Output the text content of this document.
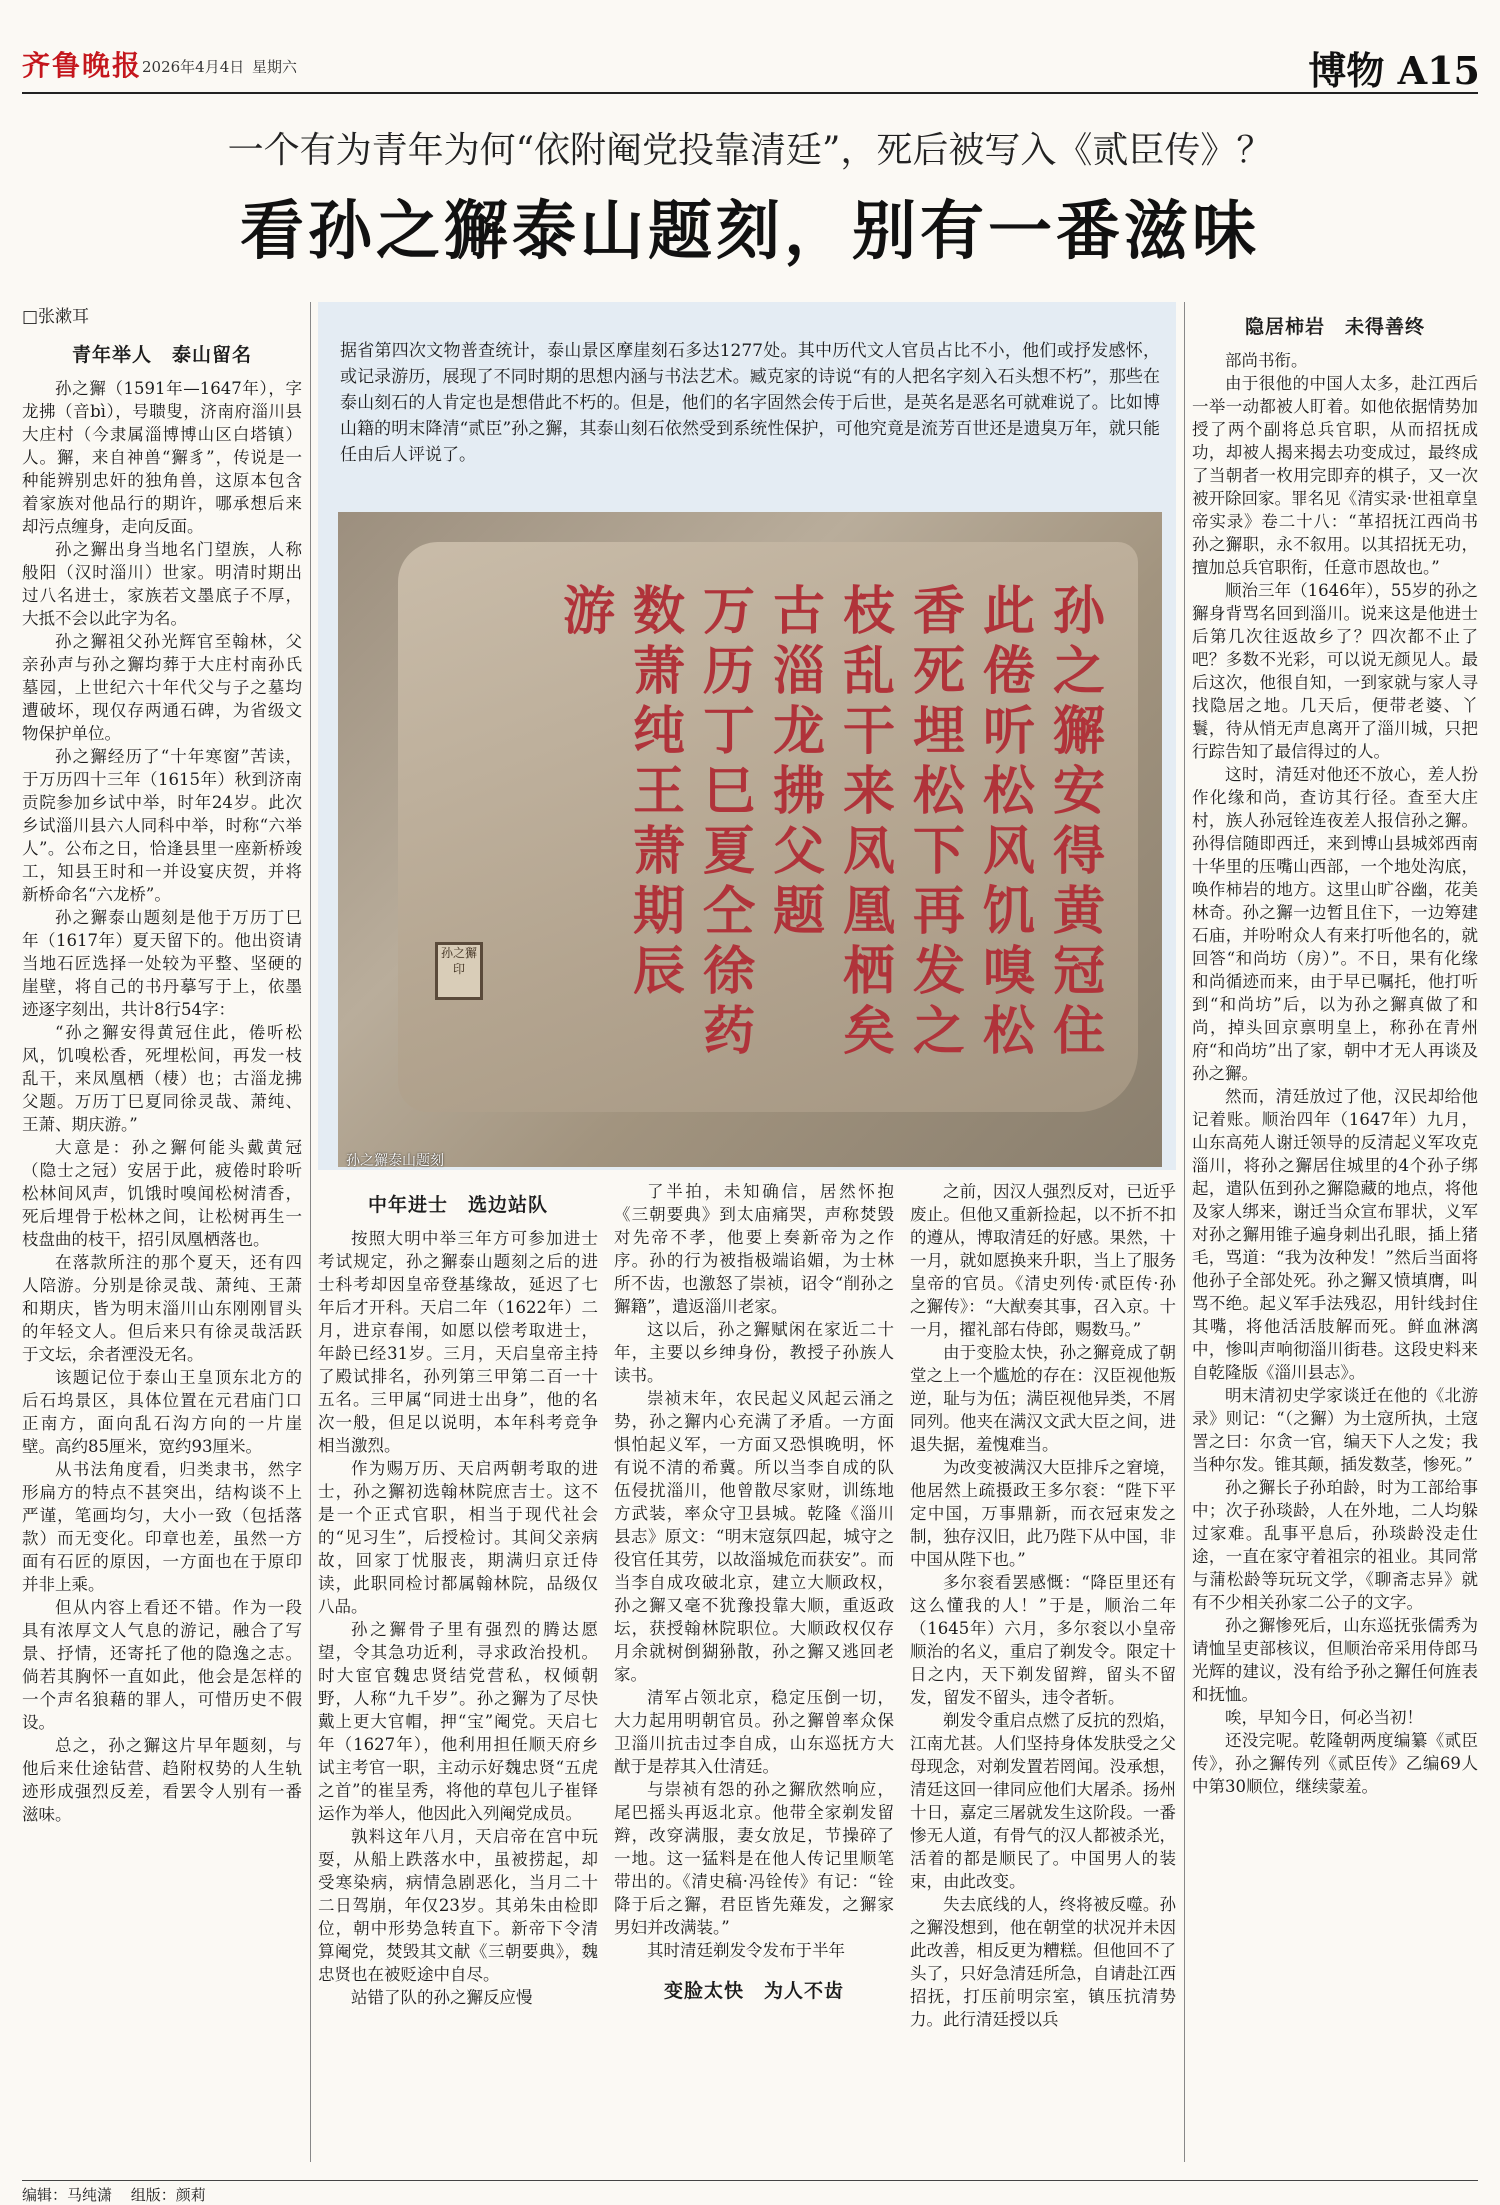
齐鲁晚报 2026年4月4日 星期六	博物 A15
一个有为青年为何“依附阉党投靠清廷”，死后被写入《贰臣传》？
看孙之獬泰山题刻，别有一番滋味
□张漱耳
据省第四次文物普查统计，泰山景区摩崖刻石多达1277处。其中历代文人官员占比不小，他们或抒发感怀，或记录游历，展现了不同时期的思想内涵与书法艺术。臧克家的诗说“有的人把名字刻入石头想不朽”，那些在泰山刻石的人肯定也是想借此不朽的。但是，他们的名字固然会传于后世，是英名是恶名可就难说了。比如博山籍的明末降清“贰臣”孙之獬，其泰山刻石依然受到系统性保护，可他究竟是流芳百世还是遗臭万年，就只能任由后人评说了。
孙
之
獬
安
得
黄
冠
住
此
倦
听
松
风
饥
嗅
松
香
死
埋
松
下
再
发
之
枝
乱
干
来
凤
凰
栖
矣
古
淄
龙
拂
父
题
万
历
丁
巳
夏
仝
徐
药
数
萧
纯
王
萧
期
辰
游
孙之獬印
孙之獬泰山题刻
青年举人　泰山留名

孙之獬（1591年—1647年），字龙拂（音bì），号聩叟，济南府淄川县大庄村（今隶属淄博博山区白塔镇）人。獬，来自神兽“獬豸”，传说是一种能辨别忠奸的独角兽，这原本包含着家族对他品行的期许，哪承想后来却污点缠身，走向反面。

孙之獬出身当地名门望族，人称般阳（汉时淄川）世家。明清时期出过八名进士，家族若文墨底子不厚，大抵不会以此字为名。

孙之獬祖父孙光辉官至翰林，父亲孙声与孙之獬均葬于大庄村南孙氏墓园，上世纪六十年代父与子之墓均遭破坏，现仅存两通石碑，为省级文物保护单位。

孙之獬经历了“十年寒窗”苦读，于万历四十三年（1615年）秋到济南贡院参加乡试中举，时年24岁。此次乡试淄川县六人同科中举，时称“六举人”。公布之日，恰逢县里一座新桥竣工，知县王时和一并设宴庆贺，并将新桥命名“六龙桥”。

孙之獬泰山题刻是他于万历丁巳年（1617年）夏天留下的。他出资请当地石匠选择一处较为平整、坚硬的崖壁，将自己的书丹摹写于上，依墨迹逐字刻出，共计8行54字：

“孙之獬安得黄冠住此，倦听松风，饥嗅松香，死埋松间，再发一枝乱干，来凤凰栖（棲）也；古淄龙拂父题。万历丁巳夏同徐灵哉、萧纯、王萧、期庆游。”

大意是：孙之獬何能头戴黄冠（隐士之冠）安居于此，疲倦时聆听松林间风声，饥饿时嗅闻松树清香，死后埋骨于松林之间，让松树再生一枝盘曲的枝干，招引凤凰栖落也。

在落款所注的那个夏天，还有四人陪游。分别是徐灵哉、萧纯、王萧和期庆，皆为明末淄川山东刚刚冒头的年轻文人。但后来只有徐灵哉活跃于文坛，余者湮没无名。

该题记位于泰山王皇顶东北方的后石坞景区，具体位置在元君庙门口正南方，面向乱石沟方向的一片崖壁。高约85厘米，宽约93厘米。

从书法角度看，归类隶书，然字形扁方的特点不甚突出，结构谈不上严谨，笔画均匀，大小一致（包括落款）而无变化。印章也差，虽然一方面有石匠的原因，一方面也在于原印并非上乘。

但从内容上看还不错。作为一段具有浓厚文人气息的游记，融合了写景、抒情，还寄托了他的隐逸之志。倘若其胸怀一直如此，他会是怎样的一个声名狼藉的罪人，可惜历史不假设。

总之，孙之獬这片早年题刻，与他后来仕途钻营、趋附权势的人生轨迹形成强烈反差，看罢令人别有一番滋味。

中年进士　选边站队

按照大明中举三年方可参加进士考试规定，孙之獬泰山题刻之后的进士科考却因皇帝登基缘故，延迟了七年后才开科。天启二年（1622年）二月，进京春闱，如愿以偿考取进士，年龄已经31岁。三月，天启皇帝主持了殿试排名，孙列第三甲第二百一十五名。三甲属“同进士出身”，他的名次一般，但足以说明，本年科考竞争相当激烈。

作为赐万历、天启两朝考取的进士，孙之獬初选翰林院庶吉士。这不是一个正式官职，相当于现代社会的“见习生”，后授检讨。其间父亲病故，回家丁忧服丧，期满归京迁侍读，此职同检讨都属翰林院，品级仅八品。

孙之獬骨子里有强烈的腾达愿望，令其急功近利，寻求政治投机。时大宦官魏忠贤结党营私，权倾朝野，人称“九千岁”。孙之獬为了尽快戴上更大官帽，押“宝”阉党。天启七年（1627年），他利用担任顺天府乡试主考官一职，主动示好魏忠贤“五虎之首”的崔呈秀，将他的草包儿子崔铎运作为举人，他因此入列阉党成员。

孰料这年八月，天启帝在宫中玩耍，从船上跌落水中，虽被捞起，却受寒染病，病情急剧恶化，当月二十二日驾崩，年仅23岁。其弟朱由检即位，朝中形势急转直下。新帝下令清算阉党，焚毁其文献《三朝要典》，魏忠贤也在被贬途中自尽。

站错了队的孙之獬反应慢

了半拍，未知确信，居然怀抱《三朝要典》到太庙痛哭，声称焚毁对先帝不孝，他要上奏新帝为之作序。孙的行为被指极端谄媚，为士林所不齿，也激怒了崇祯，诏令“削孙之獬籍”，遣返淄川老家。

这以后，孙之獬赋闲在家近二十年，主要以乡绅身份，教授子孙族人读书。

崇祯末年，农民起义风起云涌之势，孙之獬内心充满了矛盾。一方面惧怕起义军，一方面又恐惧晚明，怀有说不清的希冀。所以当李自成的队伍侵扰淄川，他曾散尽家财，训练地方武装，率众守卫县城。乾隆《淄川县志》原文：“明末寇氛四起，城守之役官任其劳，以故淄城危而获安”。而当李自成攻破北京，建立大顺政权，孙之獬又毫不犹豫投靠大顺，重返政坛，获授翰林院职位。大顺政权仅存月余就树倒猢狲散，孙之獬又逃回老家。

清军占领北京，稳定压倒一切，大力起用明朝官员。孙之獬曾率众保卫淄川抗击过李自成，山东巡抚方大猷于是荐其入仕清廷。

与崇祯有怨的孙之獬欣然响应，尾巴摇头再返北京。他带全家剃发留辫，改穿满服，妻女放足，节操碎了一地。这一猛料是在他人传记里顺笔带出的。《清史稿·冯铨传》有记：“铨降于后之獬，君臣皆先薙发，之獬家男妇并改满装。”

其时清廷剃发令发布于半年

变脸太快　为人不齿

之前，因汉人强烈反对，已近乎废止。但他又重新捡起，以不折不扣的遵从，博取清廷的好感。果然，十一月，就如愿换来升职，当上了服务皇帝的官员。《清史列传·贰臣传·孙之獬传》：“大猷奏其事，召入京。十一月，擢礼部右侍郎，赐数马。”

由于变脸太快，孙之獬竟成了朝堂之上一个尴尬的存在：汉臣视他叛逆，耻与为伍；满臣视他异类，不屑同列。他夹在满汉文武大臣之间，进退失据，羞愧难当。

为改变被满汉大臣排斥之窘境，他居然上疏摄政王多尔衮：“陛下平定中国，万事鼎新，而衣冠束发之制，独存汉旧，此乃陛下从中国，非中国从陛下也。”

多尔衮看罢感慨：“降臣里还有这么懂我的人！”于是，顺治二年（1645年）六月，多尔衮以小皇帝顺治的名义，重启了剃发令。限定十日之内，天下剃发留辫，留头不留发，留发不留头，违令者斩。

剃发令重启点燃了反抗的烈焰，江南尤甚。人们坚持身体发肤受之父母现念，对剃发置若罔闻。没承想，清廷这回一律同应他们大屠杀。扬州十日，嘉定三屠就发生这阶段。一番惨无人道，有骨气的汉人都被杀光，活着的都是顺民了。中国男人的装束，由此改变。

失去底线的人，终将被反噬。孙之獬没想到，他在朝堂的状况并未因此改善，相反更为糟糕。但他回不了头了，只好急清廷所急，自请赴江西招抚，打压前明宗室，镇压抗清势力。此行清廷授以兵

隐居柿岩　未得善终

部尚书衔。

由于很他的中国人太多，赴江西后一举一动都被人盯着。如他依据情势加授了两个副将总兵官职，从而招抚成功，却被人揭来揭去功变成过，最终成了当朝者一枚用完即弃的棋子，又一次被开除回家。罪名见《清实录·世祖章皇帝实录》卷二十八：“革招抚江西尚书孙之獬职，永不叙用。以其招抚无功，擅加总兵官职衔，任意市恩故也。”

顺治三年（1646年），55岁的孙之獬身背骂名回到淄川。说来这是他进士后第几次往返故乡了？四次都不止了吧？多数不光彩，可以说无颜见人。最后这次，他很自知，一到家就与家人寻找隐居之地。几天后，便带老婆、丫鬟，待从悄无声息离开了淄川城，只把行踪告知了最信得过的人。

这时，清廷对他还不放心，差人扮作化缘和尚，查访其行径。查至大庄村，族人孙冠铨连夜差人报信孙之獬。孙得信随即西迁，来到博山县城郊西南十华里的压嘴山西部，一个地处沟底，唤作柿岩的地方。这里山旷谷幽，花美林奇。孙之獬一边暂且住下，一边筹建石庙，并吩咐众人有来打听他名的，就回答“和尚坊（房）”。不日，果有化缘和尚循迹而来，由于早已嘱托，他打听到“和尚坊”后，以为孙之獬真做了和尚，掉头回京禀明皇上，称孙在青州府“和尚坊”出了家，朝中才无人再谈及孙之獬。

然而，清廷放过了他，汉民却给他记着账。顺治四年（1647年）九月，山东高苑人谢迁领导的反清起义军攻克淄川，将孙之獬居住城里的4个孙子绑起，遣队伍到孙之獬隐藏的地点，将他及家人绑来，谢迁当众宣布罪状，义军对孙之獬用锥子遍身刺出孔眼，插上猪毛，骂道：“我为汝种发！”然后当面将他孙子全部处死。孙之獬又愤填膺，叫骂不绝。起义军手法残忍，用针线封住其嘴，将他活活肢解而死。鲜血淋漓中，惨叫声响彻淄川街巷。这段史料来自乾隆版《淄川县志》。

明末清初史学家谈迁在他的《北游录》则记：“（之獬）为土寇所执，土寇詈之曰：尔贪一官，编天下人之发；我当种尔发。锥其颠，插发数茎，惨死。”

孙之獬长子孙珀龄，时为工部给事中；次子孙琰龄，人在外地，二人均躲过家难。乱事平息后，孙琰龄没走仕途，一直在家守着祖宗的祖业。其同常与蒲松龄等玩玩文学，《聊斋志异》就有不少相关孙家二公子的文字。

孙之獬惨死后，山东巡抚张儒秀为请恤呈吏部核议，但顺治帝采用侍郎马光辉的建议，没有给予孙之獬任何旌表和抚恤。

唉，早知今日，何必当初！

还没完呢。乾隆朝两度编纂《贰臣传》，孙之獬传列《贰臣传》乙编69人中第30顺位，继续蒙羞。

编辑：马纯潇 组版：颜莉
